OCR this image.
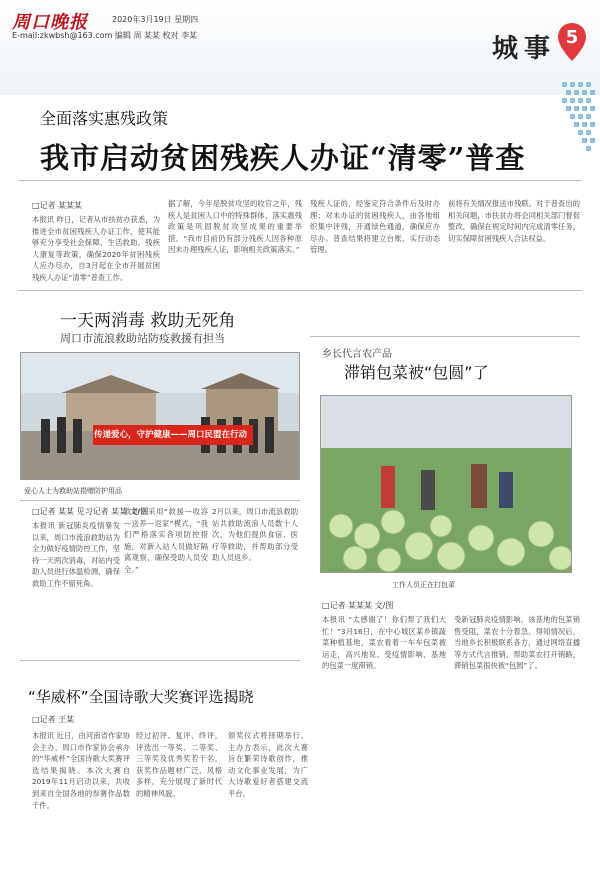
周口晚报	2020年3月19日 星期四
E-mail:zkwbsh@163.com 编辑 周 某某 校对 李某	城事 5
全面落实惠残政策
我市启动贫困残疾人办证“清零”普查
□记者 某某某
本报讯 昨日，记者从市扶贫办获悉，为推进全市贫困残疾人办证工作，使其能够充分享受社会保障、生活救助、残疾人康复等政策，确保2020年贫困残疾人应办尽办，自3月起在全市开展贫困残疾人办证“清零”普查工作。
据了解，今年是脱贫攻坚的收官之年，残疾人是贫困人口中的特殊群体，落实惠残政策是巩固脱贫攻坚成果的重要举措。“我市目前仍有部分残疾人因各种原因未办理残疾人证，影响相关政策落实。”
残疾人证的，经鉴定符合条件后及时办理；对未办证的贫困残疾人，由各地组织集中评残，开通绿色通道，确保应办尽办。普查结果将建立台账，实行动态管理。
前将有关情况报送市残联。对于普查出的相关问题，市扶贫办将会同相关部门督促整改，确保在规定时间内完成清零任务，切实保障贫困残疾人合法权益。
一天两消毒 救助无死角
周口市流浪救助站防疫救援有担当
传递爱心，守护健康——周口民盟在行动
爱心人士为救助站捐赠防护用品
□记者 某某 见习记者 某某 文/图
本报讯 新冠肺炎疫情暴发以来，周口市流浪救助站为全力做好疫情防控工作，坚持一天两次消毒，对站内受助人员进行体温检测，确保救助工作不留死角。
救助站采用“救援—收容—送养—返家”模式，“我们严格落实各项防控措施，对新入站人员做好隔离观察，确保受助人员安全。”
2月以来，周口市流浪救助站共救助流浪人员数十人次，为他们提供食宿、医疗等救助，并帮助部分受助人员返乡。
乡长代言农产品
滞销包菜被“包圆”了
工作人员正在打包菜
□记者 某某某 文/图
本报讯 “太感谢了！你们帮了我们大忙！”3月16日，在中心城区某乡镇蔬菜种植基地，菜农看着一车车包菜被运走，高兴地说。受疫情影响，基地的包菜一度滞销。
受新冠肺炎疫情影响，该基地的包菜销售受阻，菜农十分着急。得知情况后，当地乡长积极联系各方，通过网络直播等方式代言推销，帮助菜农打开销路，滞销包菜很快被“包圆”了。
“华威杯”全国诗歌大奖赛评选揭晓
□记者 王某
本报讯 近日，由河南省作家协会主办、周口市作家协会承办的“华威杯”全国诗歌大奖赛评选结果揭晓。本次大赛自2019年11月启动以来，共收到来自全国各地的参赛作品数千件。
经过初评、复评、终评，评选出一等奖、二等奖、三等奖及优秀奖若干名。获奖作品题材广泛，风格多样，充分展现了新时代的精神风貌。
颁奖仪式将择期举行。主办方表示，此次大赛旨在繁荣诗歌创作，推动文化事业发展，为广大诗歌爱好者搭建交流平台。
